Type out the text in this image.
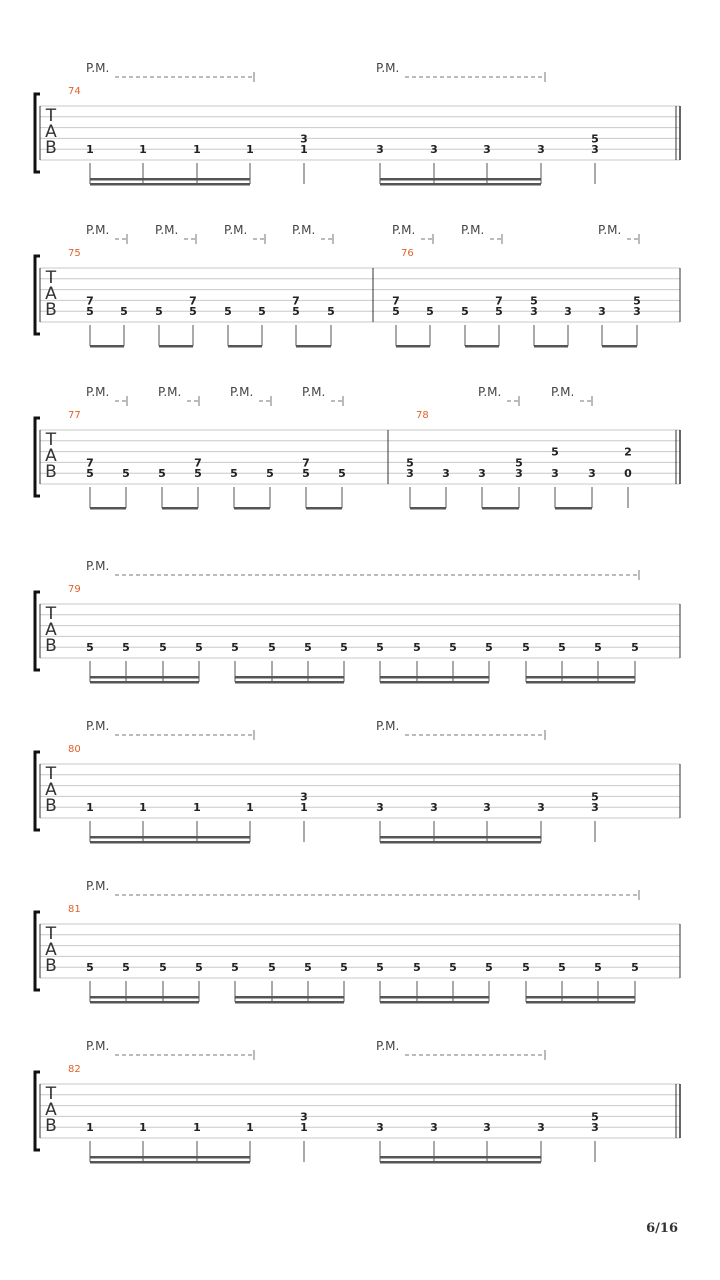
T
A
B
74
1	1	1	1
3
1	3	3	3	3
5
3
P.M.	P.M.
T
A
B
75
7
5 5 5
7
5 5 5
7
5 5
P.M.	P.M.	P.M.	P.M.
76
7
5 5 5
7
5
5
3 3 3
5
3
P.M.	P.M.	P.M.
T
A
B
77
7
5	5	5
7
5	5	5
7
5	5
P.M.	P.M.	P.M.	P.M.
78
5
3	3	3
5
3
5
3	3
2
0
P.M.	P.M.
T
A
B
79
5	5	5	5	5	5	5	5	5	5	5	5	5	5	5	5
P.M.
T
A
B
80
1	1	1	1
3
1	3	3	3	3
5
3
P.M.	P.M.
T
A
B
81
5	5	5	5	5	5	5	5	5	5	5	5	5	5	5	5
P.M.
T
A
B
82
1	1	1	1
3
1	3	3	3	3
5
3
P.M.	P.M.
6/16
